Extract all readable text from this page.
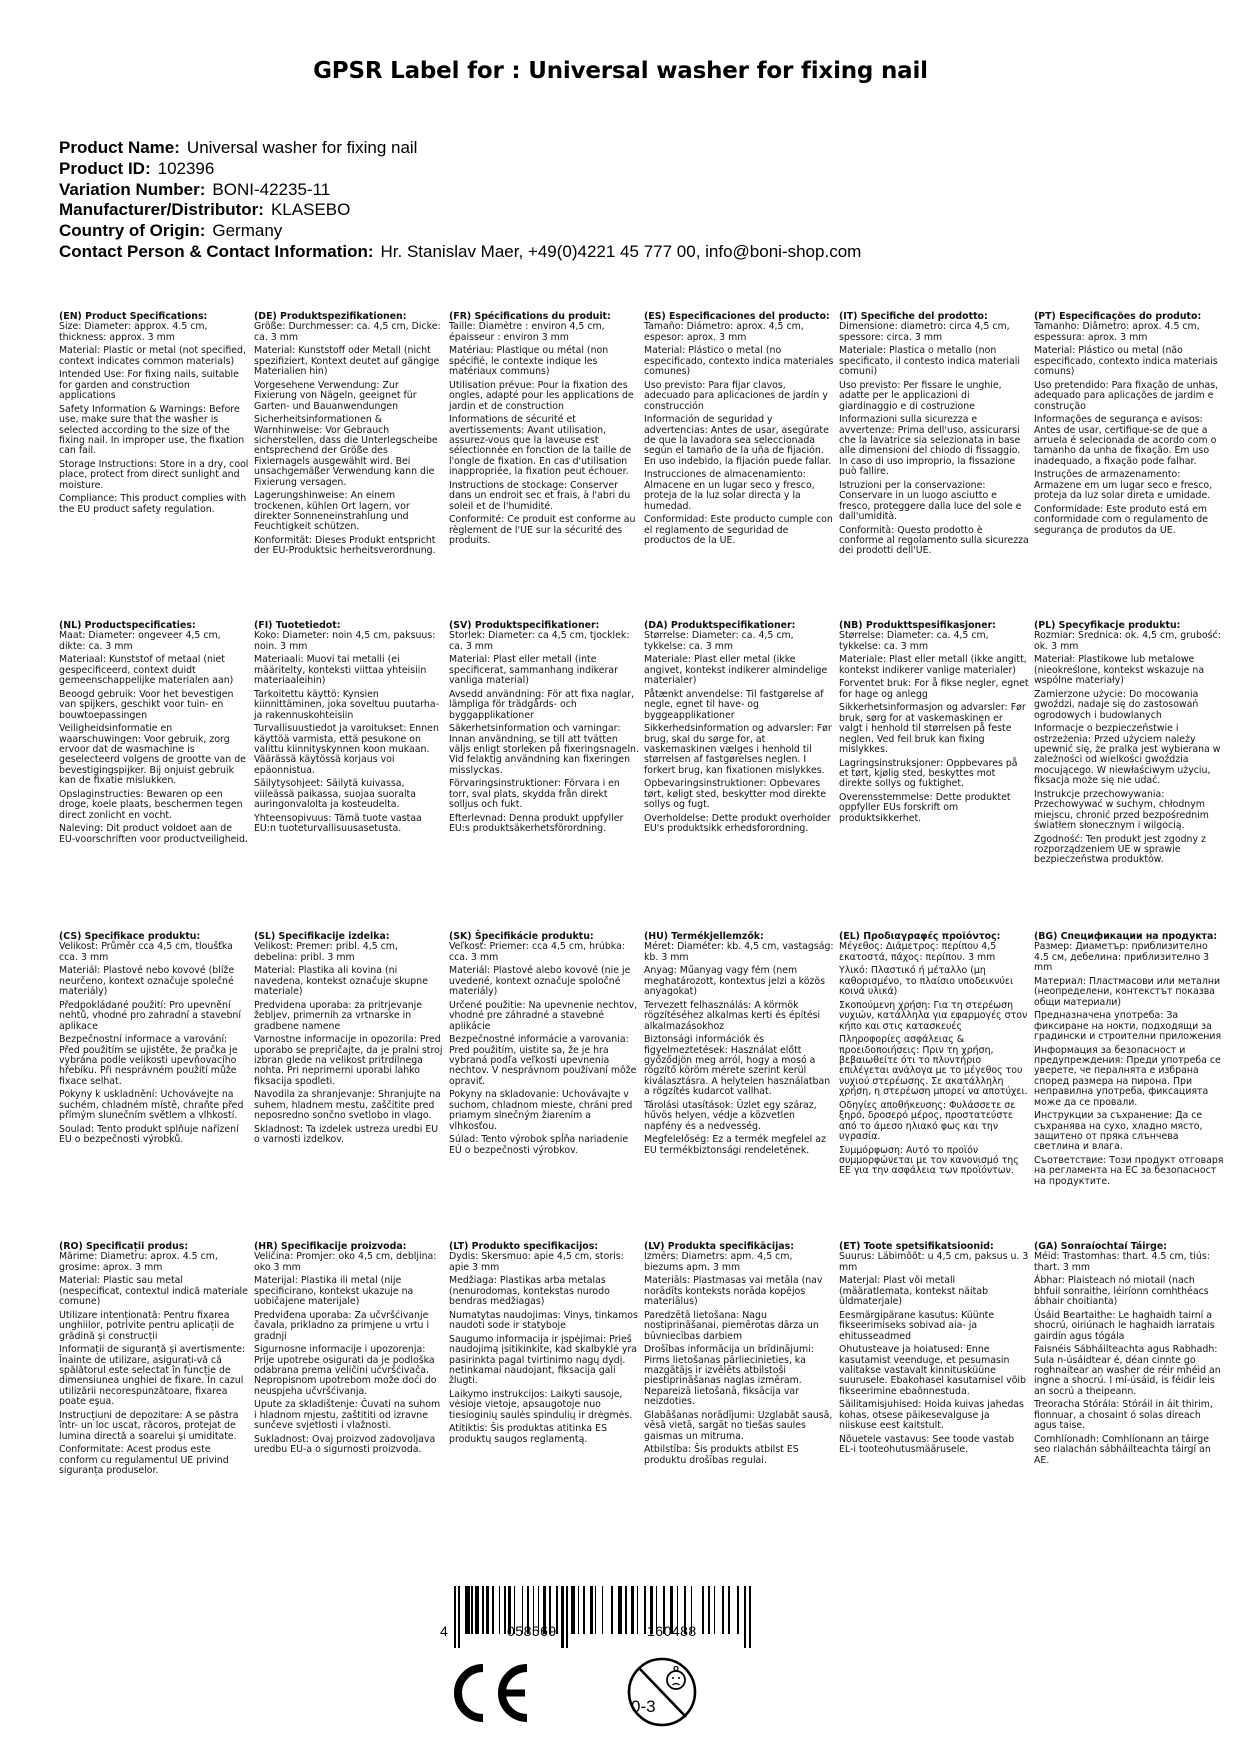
GPSR Label for : Universal washer for fixing nail
Product Name: Universal washer for fixing nail
Product ID: 102396
Variation Number: BONI-42235-11
Manufacturer/Distributor: KLASEBO
Country of Origin: Germany
Contact Person & Contact Information: Hr. Stanislav Maer, +49(0)4221 45 777 00, info@boni-shop.com
(EN) Product Specifications:

Size: Diameter: approx. 4.5 cm, thickness: approx. 3 mm

Material: Plastic or metal (not specified, context indicates common materials)

Intended Use: For fixing nails, suitable for garden and construction applications

Safety Information & Warnings: Before use, make sure that the washer is selected according to the size of the fixing nail. In improper use, the fixation can fail.

Storage Instructions: Store in a dry, cool place, protect from direct sunlight and moisture.

Compliance: This product complies with the EU product safety regulation.

(DE) Produktspezifikationen:

Größe: Durchmesser: ca. 4,5 cm, Dicke: ca. 3 mm

Material: Kunststoff oder Metall (nicht spezifiziert, Kontext deutet auf gängige Materialien hin)

Vorgesehene Verwendung: Zur Fixierung von Nägeln, geeignet für Garten- und Bauanwendungen

Sicherheitsinformationen & Warnhinweise: Vor Gebrauch sicherstellen, dass die Unterlegscheibe entsprechend der Größe des Fixiernagels ausgewählt wird. Bei unsachgemäßer Verwendung kann die Fixierung versagen.

Lagerungshinweise: An einem trockenen, kühlen Ort lagern, vor direkter Sonneneinstrahlung und Feuchtigkeit schützen.

Konformität: Dieses Produkt entspricht der EU-Produktsic herheitsverordnung.

(FR) Spécifications du produit:

Taille: Diamètre : environ 4,5 cm, épaisseur : environ 3 mm

Matériau: Plastique ou métal (non spécifié, le contexte indique les matériaux communs)

Utilisation prévue: Pour la fixation des ongles, adapté pour les applications de jardin et de construction

Informations de sécurité et avertissements: Avant utilisation, assurez-vous que la laveuse est sélectionnée en fonction de la taille de l'ongle de fixation. En cas d'utilisation inappropriée, la fixation peut échouer.

Instructions de stockage: Conserver dans un endroit sec et frais, à l'abri du soleil et de l'humidité.

Conformité: Ce produit est conforme au règlement de l'UE sur la sécurité des produits.

(ES) Especificaciones del producto:

Tamaño: Diámetro: aprox. 4,5 cm, espesor: aprox. 3 mm

Material: Plástico o metal (no especificado, contexto indica materiales comunes)

Uso previsto: Para fijar clavos, adecuado para aplicaciones de jardín y construcción

Información de seguridad y advertencias: Antes de usar, asegúrate de que la lavadora sea seleccionada según el tamaño de la uña de fijación. En uso indebido, la fijación puede fallar.

Instrucciones de almacenamiento: Almacene en un lugar seco y fresco, proteja de la luz solar directa y la humedad.

Conformidad: Este producto cumple con el reglamento de seguridad de productos de la UE.

(IT) Specifiche del prodotto:

Dimensione: diametro: circa 4,5 cm, spessore: circa. 3 mm

Materiale: Plastica o metallo (non specificato, il contesto indica materiali comuni)

Uso previsto: Per fissare le unghie, adatte per le applicazioni di giardinaggio e di costruzione

Informazioni sulla sicurezza e avvertenze: Prima dell'uso, assicurarsi che la lavatrice sia selezionata in base alle dimensioni del chiodo di fissaggio. In caso di uso improprio, la fissazione può fallire.

Istruzioni per la conservazione: Conservare in un luogo asciutto e fresco, proteggere dalla luce del sole e dall'umidità.

Conformità: Questo prodotto è conforme al regolamento sulla sicurezza dei prodotti dell'UE.

(PT) Especificações do produto:

Tamanho: Diâmetro: aprox. 4.5 cm, espessura: aprox. 3 mm

Material: Plástico ou metal (não especificado, contexto indica materiais comuns)

Uso pretendido: Para fixação de unhas, adequado para aplicações de jardim e construção

Informações de segurança e avisos: Antes de usar, certifique-se de que a arruela é selecionada de acordo com o tamanho da unha de fixação. Em uso inadequado, a fixação pode falhar.

Instruções de armazenamento: Armazene em um lugar seco e fresco, proteja da luz solar direta e umidade.

Conformidade: Este produto está em conformidade com o regulamento de segurança de produtos da UE.

(NL) Productspecificaties:

Maat: Diameter: ongeveer 4,5 cm, dikte: ca. 3 mm

Materiaal: Kunststof of metaal (niet gespecificeerd, context duidt gemeenschappelijke materialen aan)

Beoogd gebruik: Voor het bevestigen van spijkers, geschikt voor tuin- en bouwtoepassingen

Veiligheidsinformatie en waarschuwingen: Voor gebruik, zorg ervoor dat de wasmachine is geselecteerd volgens de grootte van de bevestigingspijker. Bij onjuist gebruik kan de fixatie mislukken.

Opslaginstructies: Bewaren op een droge, koele plaats, beschermen tegen direct zonlicht en vocht.

Naleving: Dit product voldoet aan de EU-voorschriften voor productveiligheid.

(FI) Tuotetiedot:

Koko: Diameter: noin 4,5 cm, paksuus: noin. 3 mm

Materiaali: Muovi tai metalli (ei määritelty, konteksti viittaa yhteisiin materiaaleihin)

Tarkoitettu käyttö: Kynsien kiinnittäminen, joka soveltuu puutarha- ja rakennuskohteisiin

Turvallisuustiedot ja varoitukset: Ennen käyttöä varmista, että pesukone on valittu kiinnityskynnen koon mukaan. Väärässä käytössä korjaus voi epäonnistua.

Säilytysohjeet: Säilytä kuivassa, viileässä paikassa, suojaa suoralta auringonvalolta ja kosteudelta.

Yhteensopivuus: Tämä tuote vastaa EU:n tuoteturvallisuusasetusta.

(SV) Produktspecifikationer:

Storlek: Diameter: ca 4,5 cm, tjocklek: ca. 3 mm

Material: Plast eller metall (inte specificerat, sammanhang indikerar vanliga material)

Avsedd användning: För att fixa naglar, lämpliga för trädgårds- och byggapplikationer

Säkerhetsinformation och varningar: Innan användning, se till att tvätten väljs enligt storleken på fixeringsnageln. Vid felaktig användning kan fixeringen misslyckas.

Förvaringsinstruktioner: Förvara i en torr, sval plats, skydda från direkt solljus och fukt.

Efterlevnad: Denna produkt uppfyller EU:s produktsäkerhetsförordning.

(DA) Produktspecifikationer:

Størrelse: Diameter: ca. 4,5 cm, tykkelse: ca. 3 mm

Materiale: Plast eller metal (ikke angivet, kontekst indikerer almindelige materialer)

Påtænkt anvendelse: Til fastgørelse af negle, egnet til have- og byggeapplikationer

Sikkerhedsinformation og advarsler: Før brug, skal du sørge for, at vaskemaskinen vælges i henhold til størrelsen af fastgørelses neglen. I forkert brug, kan fixationen mislykkes.

Opbevaringsinstruktioner: Opbevares tørt, køligt sted, beskytter mod direkte sollys og fugt.

Overholdelse: Dette produkt overholder EU's produktsikk erhedsforordning.

(NB) Produkttspesifikasjoner:

Størrelse: Diameter: ca. 4,5 cm, tykkelse: ca. 3 mm

Materiale: Plast eller metall (ikke angitt, kontekst indikerer vanlige materialer)

Forventet bruk: For å fikse negler, egnet for hage og anlegg

Sikkerhetsinformasjon og advarsler: Før bruk, sørg for at vaskemaskinen er valgt i henhold til størrelsen på feste neglen. Ved feil bruk kan fixing mislykkes.

Lagringsinstruksjoner: Oppbevares på et tørt, kjølig sted, beskyttes mot direkte sollys og fuktighet.

Overensstemmelse: Dette produktet oppfyller EUs forskrift om produktsikkerhet.

(PL) Specyfikacje produktu:

Rozmiar: Średnica: ok. 4,5 cm, grubość: ok. 3 mm

Materiał: Plastikowe lub metalowe (nieokreślone, kontekst wskazuje na wspólne materiały)

Zamierzone użycie: Do mocowania gwoździ, nadaje się do zastosowań ogrodowych i budowlanych

Informacje o bezpieczeństwie i ostrzeżenia: Przed użyciem należy upewnić się, że pralka jest wybierana w zależności od wielkości gwoździa mocującego. W niewłaściwym użyciu, fiksacja może się nie udać.

Instrukcje przechowywania: Przechowywać w suchym, chłodnym miejscu, chronić przed bezpośrednim światłem słonecznym i wilgocią.

Zgodność: Ten produkt jest zgodny z rozporządzeniem UE w sprawie bezpieczeństwa produktów.

(CS) Specifikace produktu:

Velikost: Průměr cca 4,5 cm, tloušťka cca. 3 mm

Materiál: Plastové nebo kovové (blíže neurčeno, kontext označuje společné materiály)

Předpokládané použití: Pro upevnění nehtů, vhodné pro zahradní a stavební aplikace

Bezpečnostní informace a varování: Před použitím se ujistěte, že pračka je vybrána podle velikosti upevňovacího hřebíku. Při nesprávném použití může fixace selhat.

Pokyny k uskladnění: Uchovávejte na suchém, chladném místě, chraňte před přímým slunečním světlem a vlhkostí.

Soulad: Tento produkt splňuje nařízení EU o bezpečnosti výrobků.

(SL) Specifikacije izdelka:

Velikost: Premer: pribl. 4,5 cm, debelina: pribl. 3 mm

Material: Plastika ali kovina (ni navedena, kontekst označuje skupne materiale)

Predvidena uporaba: za pritrjevanje žebljev, primernih za vrtnarske in gradbene namene

Varnostne informacije in opozorila: Pred uporabo se prepričajte, da je pralni stroj izbran glede na velikost pritrdilnega nohta. Pri neprimerni uporabi lahko fiksacija spodleti.

Navodila za shranjevanje: Shranjujte na suhem, hladnem mestu, zaščitite pred neposredno sončno svetlobo in vlago.

Skladnost: Ta izdelek ustreza uredbi EU o varnosti izdelkov.

(SK) Špecifikácie produktu:

Veľkosť: Priemer: cca 4,5 cm, hrúbka: cca. 3 mm

Materiál: Plastové alebo kovové (nie je uvedené, kontext označuje spoločné materiály)

Určené použitie: Na upevnenie nechtov, vhodné pre záhradné a stavebné aplikácie

Bezpečnostné informácie a varovania: Pred použitím, uistite sa, že je hra vybraná podľa veľkosti upevnenia nechtov. V nesprávnom používaní môže opraviť.

Pokyny na skladovanie: Uchovávajte v suchom, chladnom mieste, chráni pred priamym slnečným žiarením a vlhkosťou.

Súlad: Tento výrobok spĺňa nariadenie EÚ o bezpečnosti výrobkov.

(HU) Termékjellemzők:

Méret: Diaméter: kb. 4,5 cm, vastagság: kb. 3 mm

Anyag: Műanyag vagy fém (nem meghatározott, kontextus jelzi a közös anyagokat)

Tervezett felhasználás: A körmök rögzítéséhez alkalmas kerti és építési alkalmazásokhoz

Biztonsági információk és figyelmeztetések: Használat előtt győződjön meg arról, hogy a mosó a rögzítő köröm mérete szerint kerül kiválasztásra. A helytelen használatban a rögzítés kudarcot vallhat.

Tárolási utasítások: Üzlet egy száraz, hűvös helyen, védje a közvetlen napfény és a nedvesség.

Megfelelőség: Ez a termék megfelel az EU termékbiztonsági rendeletének.

(EL) Προδιαγραφές προϊόντος:

Μέγεθος: Διάμετρος: περίπου 4,5 εκατοστά, πάχος: περίπου. 3 mm

Υλικό: Πλαστικό ή μέταλλο (μη καθορισμένο, το πλαίσιο υποδεικνύει κοινά υλικά)

Σκοπούμενη χρήση: Για τη στερέωση νυχιών, κατάλληλα για εφαρμογές στον κήπο και στις κατασκευές

Πληροφορίες ασφάλειας & προειδοποιήσεις: Πριν τη χρήση, βεβαιωθείτε ότι το πλυντήριο επιλέγεται ανάλογα με το μέγεθος του νυχιού στερέωσης. Σε ακατάλληλη χρήση, η στερέωση μπορεί να αποτύχει.

Οδηγίες αποθήκευσης: Φυλάσσετε σε ξηρό, δροσερό μέρος, προστατεύστε από το άμεσο ηλιακό φως και την υγρασία.

Συμμόρφωση: Αυτό το προϊόν συμμορφώνεται με τον κανονισμό της ΕΕ για την ασφάλεια των προϊόντων.

(BG) Спецификации на продукта:

Размер: Диаметър: приблизително 4.5 см, дебелина: приблизително 3 mm

Материал: Пластмасови или метални (неопределени, контекстът показва общи материали)

Предназначена употреба: За фиксиране на нокти, подходящи за градински и строителни приложения

Информация за безопасност и предупреждения: Преди употреба се уверете, че пералнята е избрана според размера на пирона. При неправилна употреба, фиксацията може да се провали.

Инструкции за съхранение: Да се съхранява на сухо, хладно място, защитено от пряка слънчева светлина и влага.

Съответствие: Този продукт отговаря на регламента на ЕС за безопасност на продуктите.

(RO) Specificații produs:

Mărime: Diametru: aprox. 4.5 cm, grosime: aprox. 3 mm

Material: Plastic sau metal (nespecificat, contextul indică materiale comune)

Utilizare intenționată: Pentru fixarea unghiilor, potrivite pentru aplicații de grădină și construcții

Informații de siguranță și avertismente: Înainte de utilizare, asigurați-vă că spălătorul este selectat în funcție de dimensiunea unghiei de fixare. În cazul utilizării necorespunzătoare, fixarea poate eşua.

Instrucțiuni de depozitare: A se păstra într- un loc uscat, răcoros, protejat de lumina directă a soarelui şi umiditate.

Conformitate: Acest produs este conform cu regulamentul UE privind siguranța produselor.

(HR) Specifikacije proizvoda:

Veličina: Promjer: oko 4,5 cm, debljina: oko 3 mm

Materijal: Plastika ili metal (nije specificirano, kontekst ukazuje na uobičajene materijale)

Predviđena uporaba: Za učvršćivanje čavala, prikladno za primjene u vrtu i gradnji

Sigurnosne informacije i upozorenja: Prije upotrebe osigurati da je podloška odabrana prema veličini učvršćivača. Nepropisnom upotrebom može doći do neuspjeha učvršćivanja.

Upute za skladištenje: Čuvati na suhom i hladnom mjestu, zaštititi od izravne sunčeve svjetlosti i vlažnosti.

Sukladnost: Ovaj proizvod zadovoljava uredbu EU-a o sigurnosti proizvoda.

(LT) Produkto specifikacijos:

Dydis: Skersmuo: apie 4,5 cm, storis: apie 3 mm

Medžiaga: Plastikas arba metalas (nenurodomas, kontekstas nurodo bendras medžiagas)

Numatytas naudojimas: Vinys, tinkamos naudoti sode ir statyboje

Saugumo informacija ir įspėjimai: Prieš naudojimą įsitikinkite, kad skalbyklė yra pasirinkta pagal tvirtinimo nagų dydį. netinkamai naudojant, fiksacija gali žlugti.

Laikymo instrukcijos: Laikyti sausoje, vėsioje vietoje, apsaugotoje nuo tiesioginių saulės spindulių ir drėgmės.

Atitiktis: Šis produktas atitinka ES produktų saugos reglamentą.

(LV) Produkta specifikācijas:

Izmērs: Diametrs: apm. 4,5 cm, biezums apm. 3 mm

Materiāls: Plastmasas vai metāla (nav norādīts konteksts norāda kopējos materiālus)

Paredzētā lietošana: Nagu nostiprināšanai, piemērotas dārza un būvniecības darbiem

Drošības informācija un brīdinājumi: Pirms lietošanas pārliecinieties, ka mazgātājs ir izvēlēts atbilstoši piestiprināšanas naglas izmēram. Nepareizā lietošanā, fiksācija var neizdoties.

Glabāšanas norādījumi: Uzglabāt sausā, vēsā vietā, sargāt no tiešas saules gaismas un mitruma.

Atbilstība: Šis produkts atbilst ES produktu drošības regulai.

(ET) Toote spetsifikatsioonid:

Suurus: Läbimõõt: u 4,5 cm, paksus u. 3 mm

Materjal: Plast või metall (määratlemata, kontekst näitab üldmaterjale)

Eesmärgipärane kasutus: Küünte fikseerimiseks sobivad aia- ja ehitusseadmed

Ohutusteave ja hoiatused: Enne kasutamist veenduge, et pesumasin valitakse vastavalt kinnitusküüne suurusele. Ebakohasel kasutamisel võib fikseerimine ebaõnnestuda.

Säilitamisjuhised: Hoida kuivas jahedas kohas, otsese päikesevalguse ja niiskuse eest kaitstult.

Nõuetele vastavus: See toode vastab EL-i tooteohutusmäärusele.

(GA) Sonraíochtaí Táirge:

Méid: Trastomhas: thart. 4.5 cm, tiús: thart. 3 mm

Ábhar: Plaisteach nó miotail (nach bhfuil sonraithe, léiríonn comhthéacs ábhair choitianta)

Úsáid Beartaithe: Le haghaidh tairní a shocrú, oiriúnach le haghaidh iarratais gairdín agus tógála

Faisnéis Sábháilteachta agus Rabhadh: Sula n-úsáidtear é, déan cinnte go roghnaítear an washer de réir mhéid an ingne a shocrú. I mí-úsáid, is féidir leis an socrú a theipeann.

Treoracha Stórála: Stóráil in áit thirim, fionnuar, a chosaint ó solas díreach agus taise.

Comhlíonadh: Comhlíonann an táirge seo rialachán sábháilteachta táirgí an AE.

4	058569	160488
0-3
